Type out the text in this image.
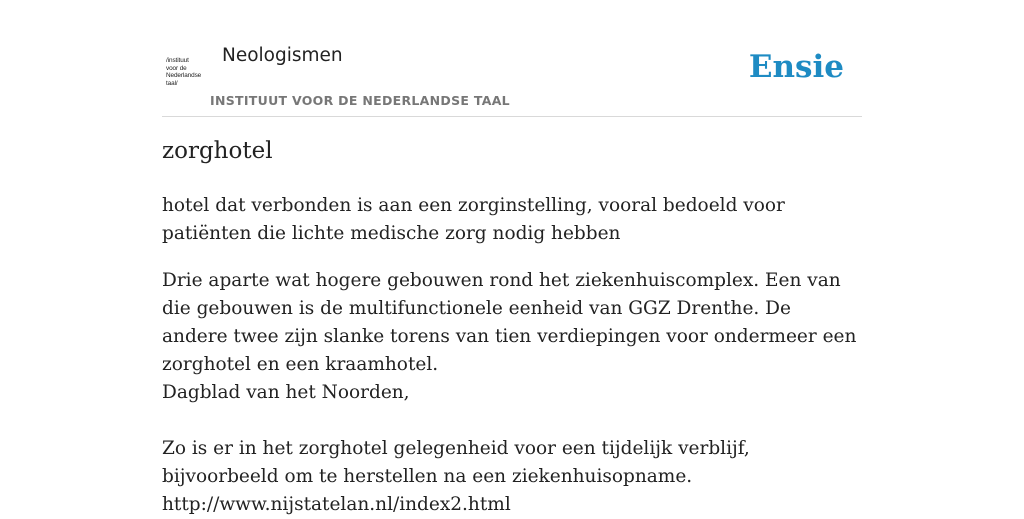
/instituut
voor de
Nederlandse
taal/
Neologismen
INSTITUUT VOOR DE NEDERLANDSE TAAL
Ensie
zorghotel

hotel dat verbonden is aan een zorginstelling, vooral bedoeld voor patiënten die lichte medische zorg nodig hebben

Drie aparte wat hogere gebouwen rond het ziekenhuiscomplex. Een van die gebouwen is de multifunctionele eenheid van GGZ Drenthe. De andere twee zijn slanke torens van tien verdiepingen voor ondermeer een zorghotel en een kraamhotel.

Dagblad van het Noorden,

Zo is er in het zorghotel gelegenheid voor een tijdelijk verblijf, bijvoorbeeld om te herstellen na een ziekenhuisopname.

http://www.nijstatelan.nl/index2.html
